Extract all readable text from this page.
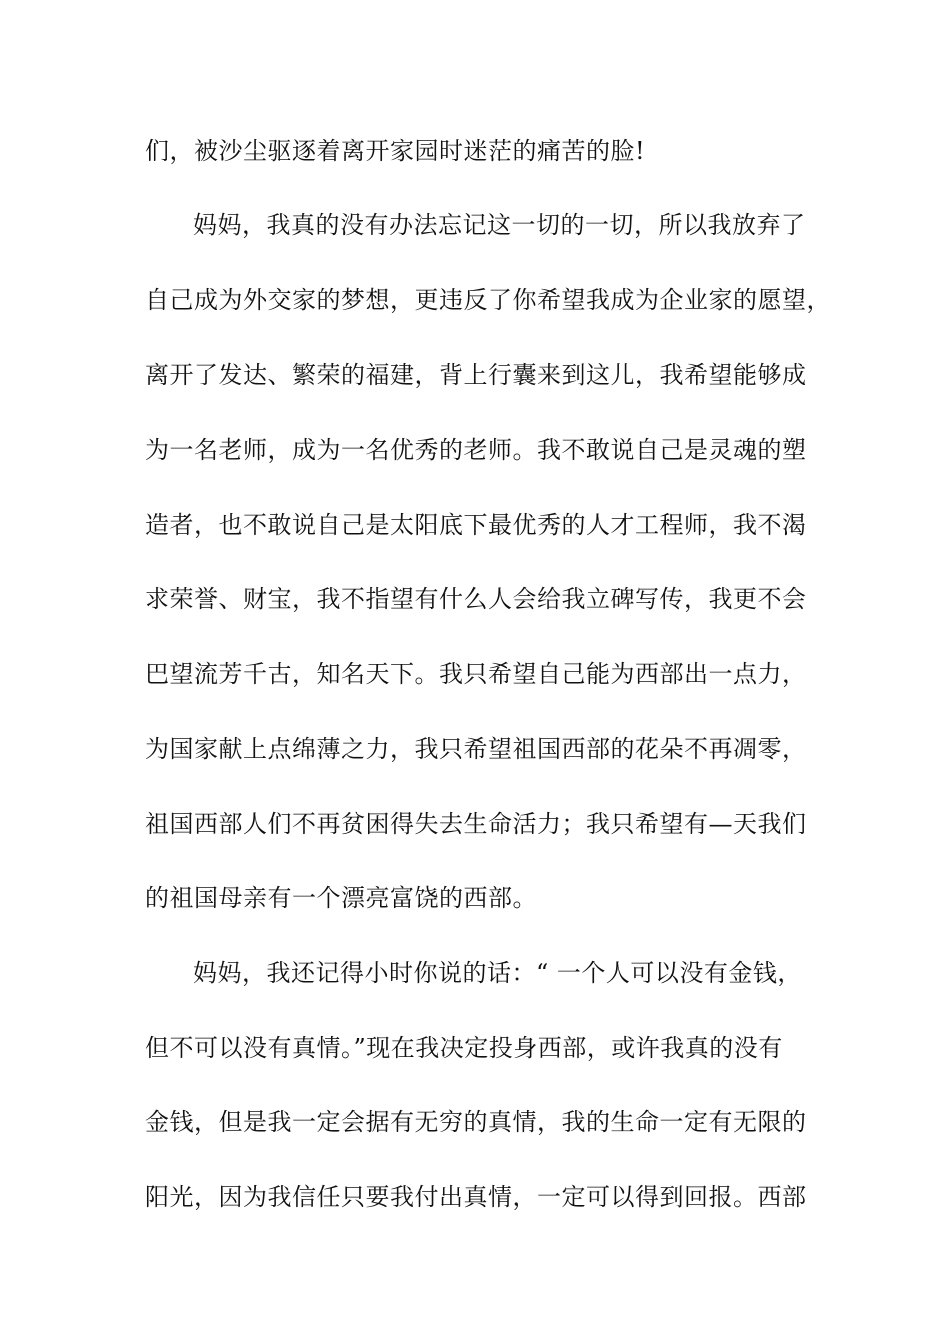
们，被沙尘驱逐着离开家园时迷茫的痛苦的脸!
妈妈，我真的没有办法忘记这一切的一切，所以我放弃了
自己成为外交家的梦想，更违反了你希望我成为企业家的愿望，
离开了发达、繁荣的福建，背上行囊来到这儿，我希望能够成
为一名老师，成为一名优秀的老师。我不敢说自己是灵魂的塑
造者，也不敢说自己是太阳底下最优秀的人才工程师，我不渴
求荣誉、财宝，我不指望有什么人会给我立碑写传，我更不会
巴望流芳千古，知名天下。我只希望自己能为西部出一点力，
为国家献上点绵薄之力，我只希望祖国西部的花朵不再凋零，
祖国西部人们不再贫困得失去生命活力；我只希望有—天我们
的祖国母亲有一个漂亮富饶的西部。
妈妈，我还记得小时你说的话：“ 一个人可以没有金钱，
但不可以没有真情。”现在我决定投身西部，或许我真的没有
金钱，但是我一定会据有无穷的真情，我的生命一定有无限的
阳光，因为我信任只要我付出真情，一定可以得到回报。西部
